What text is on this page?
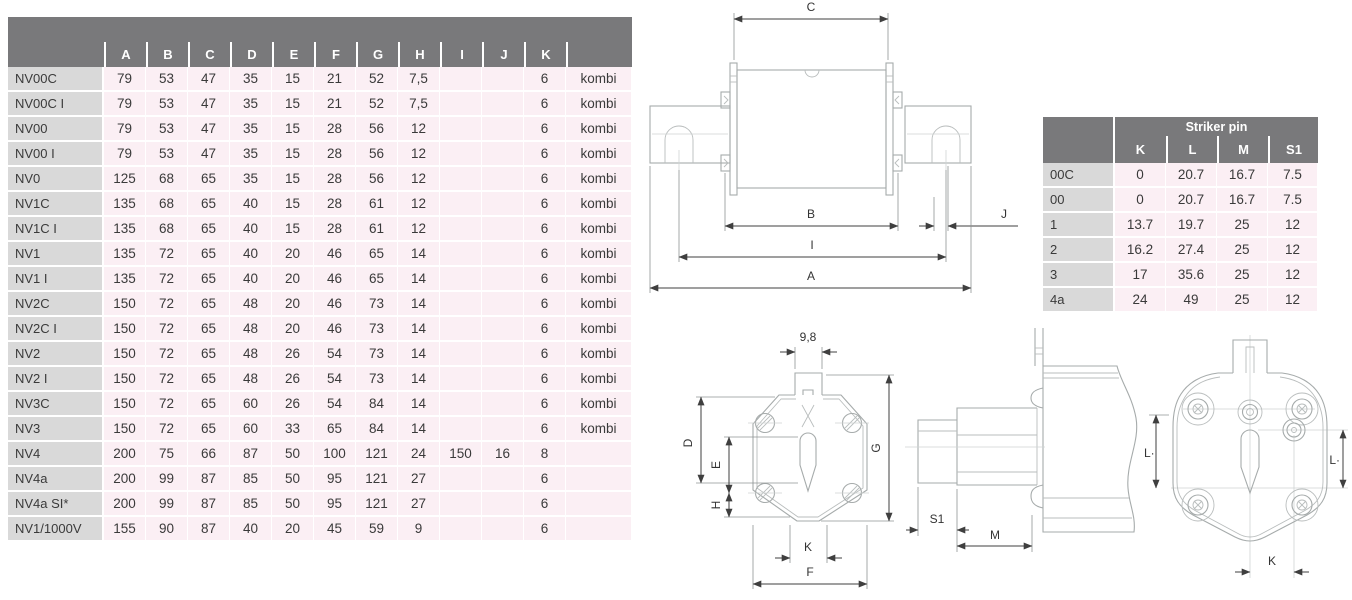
	A	B	C	D	E	F	G	H	I	J	K	
NV00C	79	53	47	35	15	21	52	7,5			6	kombi
NV00C I	79	53	47	35	15	21	52	7,5			6	kombi
NV00	79	53	47	35	15	28	56	12			6	kombi
NV00 I	79	53	47	35	15	28	56	12			6	kombi
NV0	125	68	65	35	15	28	56	12			6	kombi
NV1C	135	68	65	40	15	28	61	12			6	kombi
NV1C I	135	68	65	40	15	28	61	12			6	kombi
NV1	135	72	65	40	20	46	65	14			6	kombi
NV1 I	135	72	65	40	20	46	65	14			6	kombi
NV2C	150	72	65	48	20	46	73	14			6	kombi
NV2C I	150	72	65	48	20	46	73	14			6	kombi
NV2	150	72	65	48	26	54	73	14			6	kombi
NV2 I	150	72	65	48	26	54	73	14			6	kombi
NV3C	150	72	65	60	26	54	84	14			6	kombi
NV3	150	72	65	60	33	65	84	14			6	kombi
NV4	200	75	66	87	50	100	121	24	150	16	8	
NV4a	200	99	87	85	50	95	121	27			6	
NV4a SI*	200	99	87	85	50	95	121	27			6	
NV1/1000V	155	90	87	40	20	45	59	9			6	
	Striker pin			
	K	L	M	S1
00C	0	20.7	16.7	7.5
00	0	20.7	16.7	7.5
1	13.7	19.7	25	12
2	16.2	27.4	25	12
3	17	35.6	25	12
4a	24	49	25	12
C
B	J
I
A
9,8
D
E
H
G
K
F
S1
M
L·	L·
K
